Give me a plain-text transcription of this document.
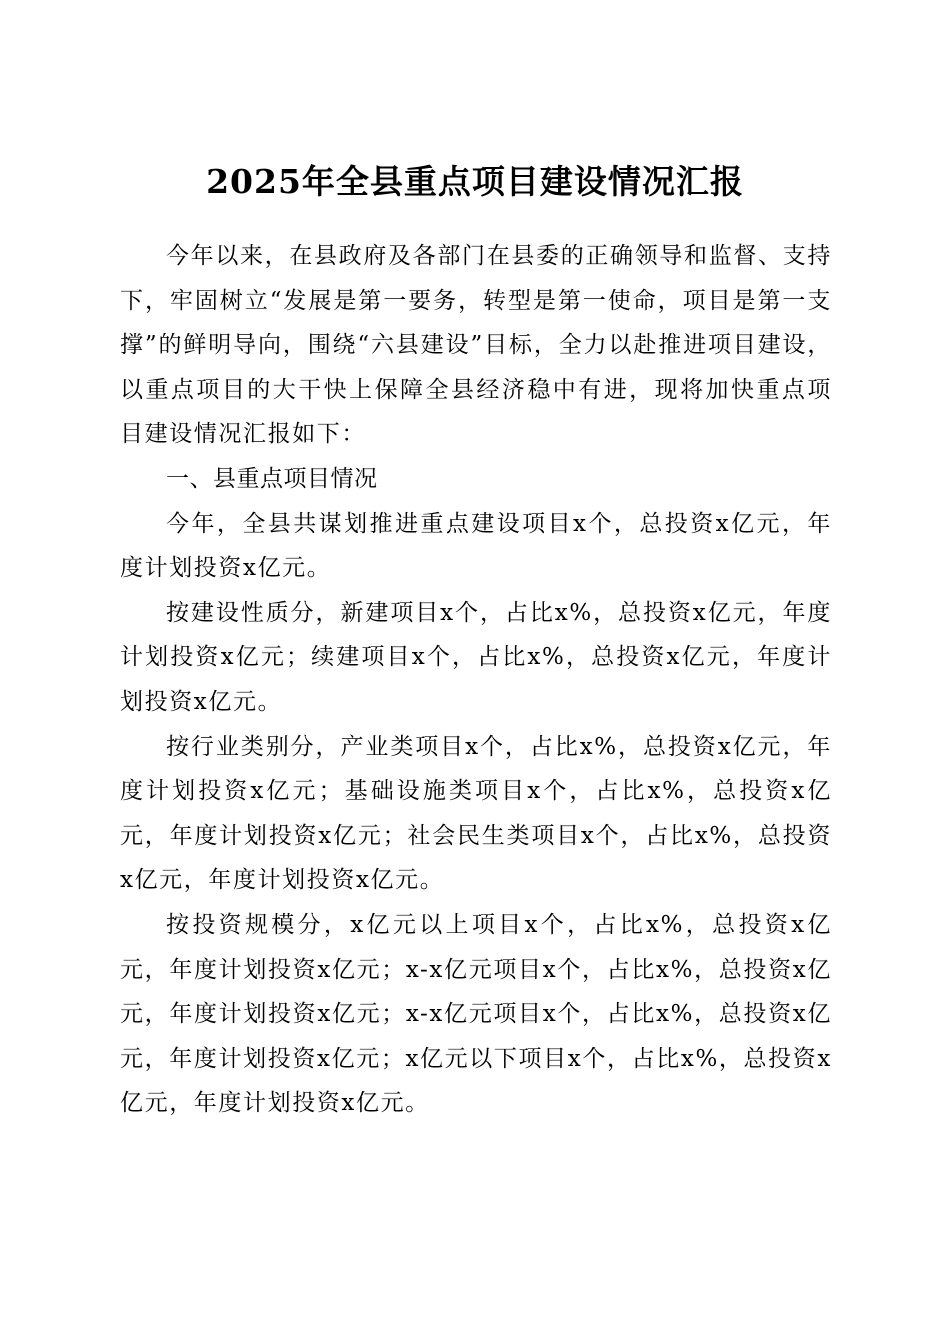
2025年全县重点项目建设情况汇报

今年以来，在县政府及各部门在县委的正确领导和监督、支持下，牢固树立“发展是第一要务，转型是第一使命，项目是第一支撑”的鲜明导向，围绕“六县建设”目标，全力以赴推进项目建设，以重点项目的大干快上保障全县经济稳中有进，现将加快重点项目建设情况汇报如下：

一、县重点项目情况

今年，全县共谋划推进重点建设项目x个，总投资x亿元，年度计划投资x亿元。

按建设性质分，新建项目x个，占比x%，总投资x亿元，年度计划投资x亿元；续建项目x个，占比x%，总投资x亿元，年度计划投资x亿元。

按行业类别分，产业类项目x个，占比x%，总投资x亿元，年度计划投资x亿元；基础设施类项目x个，占比x%，总投资x亿元，年度计划投资x亿元；社会民生类项目x个，占比x%，总投资x亿元，年度计划投资x亿元。

按投资规模分，x亿元以上项目x个，占比x%，总投资x亿元，年度计划投资x亿元；x-x亿元项目x个，占比x%，总投资x亿元，年度计划投资x亿元；x-x亿元项目x个，占比x%，总投资x亿元，年度计划投资x亿元；x亿元以下项目x个，占比x%，总投资x亿元，年度计划投资x亿元。
